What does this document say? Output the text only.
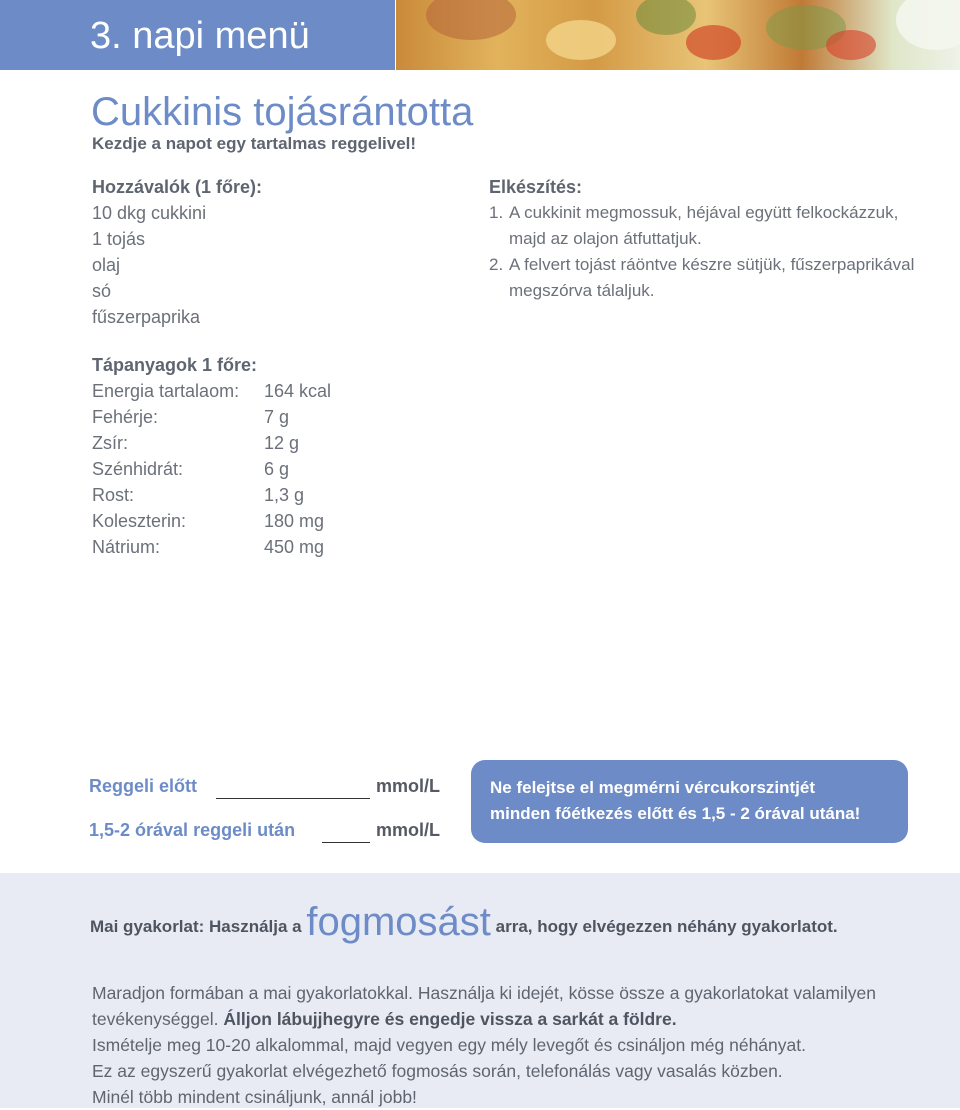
3. napi menü
Cukkinis tojásrántotta
Kezdje a napot egy tartalmas reggelivel!
Hozzávalók (1 főre):
10 dkg cukkini
1 tojás
olaj
só
fűszerpaprika
Elkészítés:
1. A cukkinit megmossuk, héjával együtt felkockázzuk, majd az olajon átfuttatjuk.
2. A felvert tojást ráöntve készre sütjük, fűszerpaprikával megszórva tálaljuk.
Tápanyagok 1 főre:
Energia tartalaom:	164 kcal
Fehérje:	7 g
Zsír:	12 g
Szénhidrát:	6 g
Rost:	1,3 g
Koleszterin:	180 mg
Nátrium:	450 mg
Reggeli előtt	mmol/L
1,5-2 órával reggeli után	mmol/L
Ne felejtse el megmérni vércukorszintjét
minden főétkezés előtt és 1,5 - 2 órával utána!
Mai gyakorlat: Használja a fogmosást arra, hogy elvégezzen néhány gyakorlatot.
Maradjon formában a mai gyakorlatokkal. Használja ki idejét, kösse össze a gyakorlatokat valamilyen tevékenységgel. Álljon lábujjhegyre és engedje vissza a sarkát a földre.
Ismételje meg 10-20 alkalommal, majd vegyen egy mély levegőt és csináljon még néhányat.
Ez az egyszerű gyakorlat elvégezhető fogmosás során, telefonálás vagy vasalás közben.
Minél több mindent csináljunk, annál jobb!
